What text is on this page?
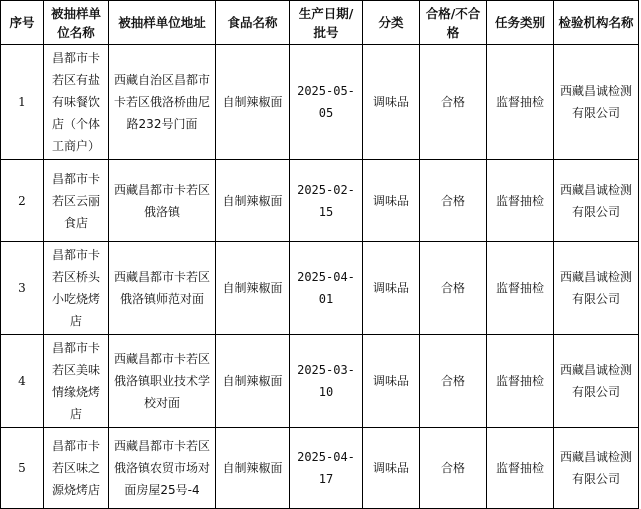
序号	被抽样单位名称	被抽样单位地址	食品名称	生产日期/批号	分类	合格/不合格	任务类别	检验机构名称
1	昌都市卡若区有盐有味餐饮店（个体工商户）	西藏自治区昌都市卡若区俄洛桥曲尼路232号门面	自制辣椒面	2025-05-05	调味品	合格	监督抽检	西藏昌诚检测有限公司
2	昌都市卡若区云丽食店	西藏昌都市卡若区俄洛镇	自制辣椒面	2025-02-15	调味品	合格	监督抽检	西藏昌诚检测有限公司
3	昌都市卡若区桥头小吃烧烤店	西藏昌都市卡若区俄洛镇师范对面	自制辣椒面	2025-04-01	调味品	合格	监督抽检	西藏昌诚检测有限公司
4	昌都市卡若区美味情缘烧烤店	西藏昌都市卡若区俄洛镇职业技术学校对面	自制辣椒面	2025-03-10	调味品	合格	监督抽检	西藏昌诚检测有限公司
5	昌都市卡若区味之源烧烤店	西藏昌都市卡若区俄洛镇农贸市场对面房屋25号-4	自制辣椒面	2025-04-17	调味品	合格	监督抽检	西藏昌诚检测有限公司
